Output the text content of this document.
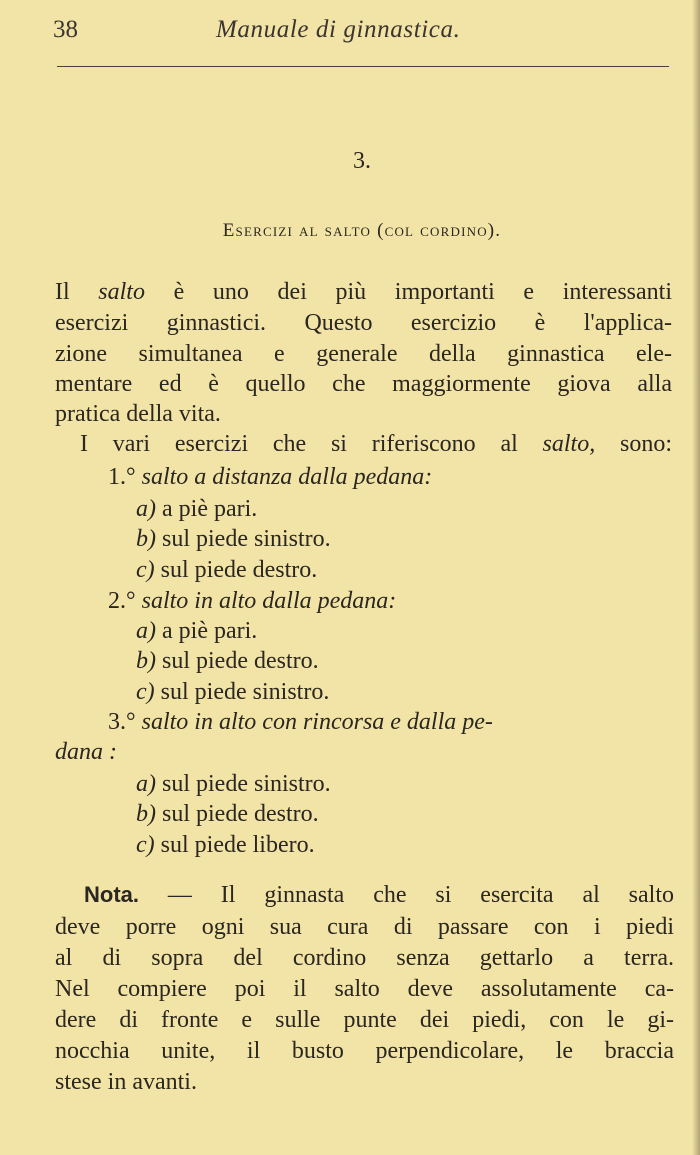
38	Manuale di ginnastica.
3.
Esercizi al salto (col cordino).
Il salto è uno dei più importanti e interessanti
esercizi ginnastici. Questo esercizio è l'applica-
zione simultanea e generale della ginnastica ele-
mentare ed è quello che maggiormente giova alla
pratica della vita.
I vari esercizi che si riferiscono al salto, sono:
1.° salto a distanza dalla pedana:
a) a piè pari.
b) sul piede sinistro.
c) sul piede destro.
2.° salto in alto dalla pedana:
a) a piè pari.
b) sul piede destro.
c) sul piede sinistro.
3.° salto in alto con rincorsa e dalla pe-
dana :
a) sul piede sinistro.
b) sul piede destro.
c) sul piede libero.
Nota. — Il ginnasta che si esercita al salto
deve porre ogni sua cura di passare con i piedi
al di sopra del cordino senza gettarlo a terra.
Nel compiere poi il salto deve assolutamente ca-
dere di fronte e sulle punte dei piedi, con le gi-
nocchia unite, il busto perpendicolare, le braccia
stese in avanti.
